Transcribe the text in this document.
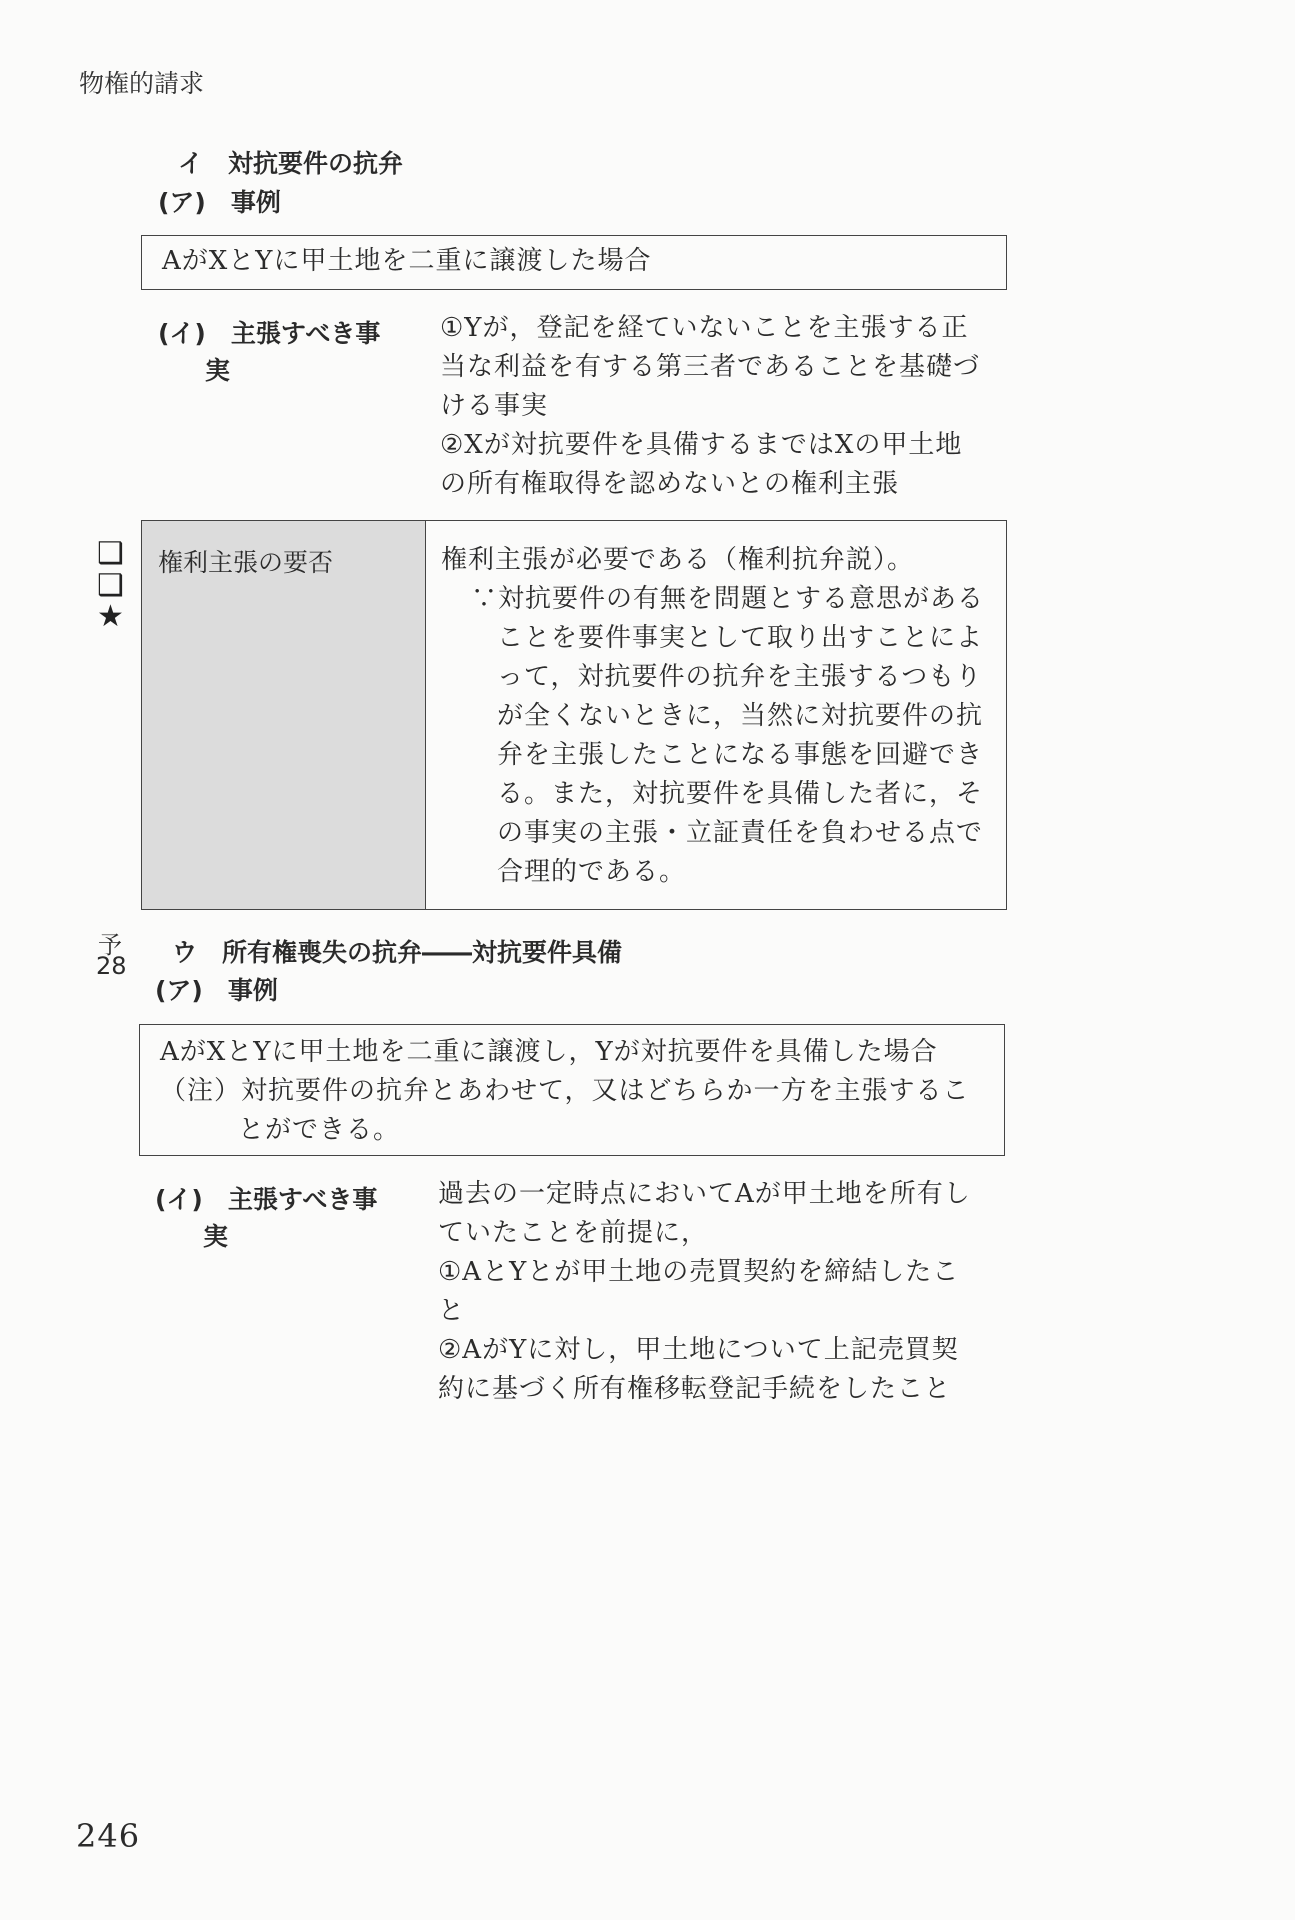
物権的請求
イ　対抗要件の抗弁
(ア)　事例
AがXとYに甲土地を二重に譲渡した場合
(イ)　主張すべき事
実
①Yが，登記を経ていないことを主張する正
当な利益を有する第三者であることを基礎づ
ける事実
②Xが対抗要件を具備するまではXの甲土地
の所有権取得を認めないとの権利主張
❑
❑
★
権利主張の要否	権利主張が必要である（権利抗弁説）。
∵対抗要件の有無を問題とする意思がある
ことを要件事実として取り出すことによ
って，対抗要件の抗弁を主張するつもり
が全くないときに，当然に対抗要件の抗
弁を主張したことになる事態を回避でき
る。また，対抗要件を具備した者に，そ
の事実の主張・立証責任を負わせる点で
合理的である。
予
28 ウ　所有権喪失の抗弁――対抗要件具備
(ア)　事例
AがXとYに甲土地を二重に譲渡し，Yが対抗要件を具備した場合
（注）対抗要件の抗弁とあわせて，又はどちらか一方を主張するこ
とができる。
(イ)　主張すべき事
実
過去の一定時点においてAが甲土地を所有し
ていたことを前提に，
①AとYとが甲土地の売買契約を締結したこ
と
②AがYに対し，甲土地について上記売買契
約に基づく所有権移転登記手続をしたこと
246
